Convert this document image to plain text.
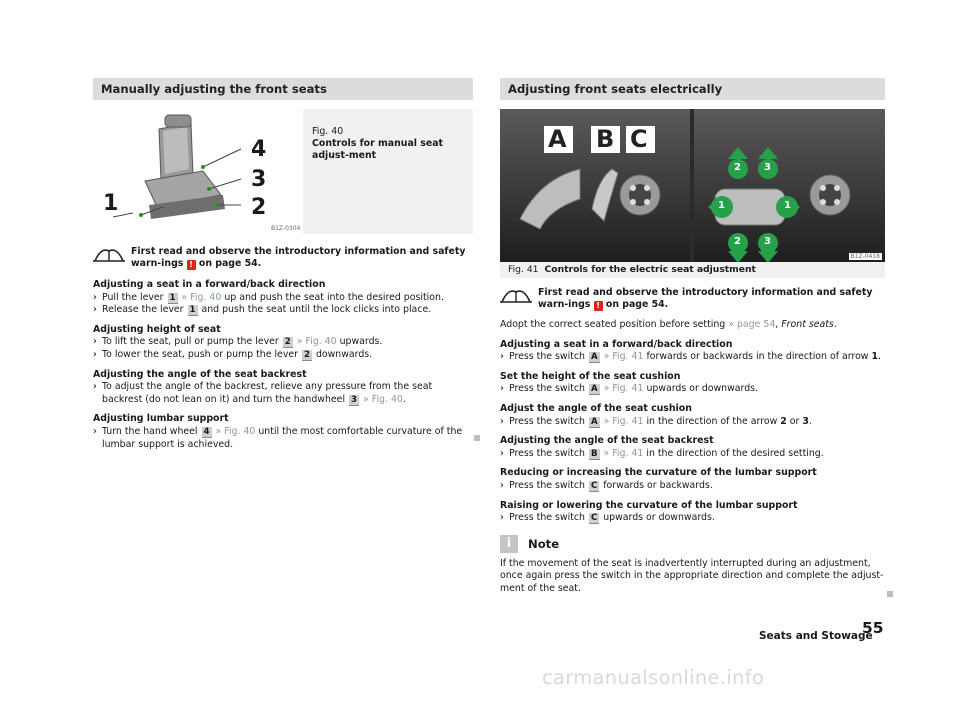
Manually adjusting the front seats
1	2
3
4
B1Z-0304
Fig. 40
Controls for manual seat adjust-ment
First read and observe the introductory information and safety warn-ings ! on page 54.
Adjusting a seat in a forward/back direction
› Pull the lever 1 » Fig. 40 up and push the seat into the desired position.
› Release the lever 1 and push the seat until the lock clicks into place.
Adjusting height of seat
› To lift the seat, pull or pump the lever 2 » Fig. 40 upwards.
› To lower the seat, push or pump the lever 2 downwards.
Adjusting the angle of the seat backrest
› To adjust the angle of the backrest, relieve any pressure from the seat backrest (do not lean on it) and turn the handwheel 3 » Fig. 40.
Adjusting lumbar support
› Turn the hand wheel 4 » Fig. 40 until the most comfortable curvature of the lumbar support is achieved.
Adjusting front seats electrically
A B C
2 3
1	1
2 3
B1Z-0418
Fig. 41 Controls for the electric seat adjustment
First read and observe the introductory information and safety warn-ings ! on page 54.
Adopt the correct seated position before setting » page 54, Front seats.
Adjusting a seat in a forward/back direction
› Press the switch A » Fig. 41 forwards or backwards in the direction of arrow 1.
Set the height of the seat cushion
› Press the switch A » Fig. 41 upwards or downwards.
Adjust the angle of the seat cushion
› Press the switch A » Fig. 41 in the direction of the arrow 2 or 3.
Adjusting the angle of the seat backrest
› Press the switch B » Fig. 41 in the direction of the desired setting.
Reducing or increasing the curvature of the lumbar support
› Press the switch C forwards or backwards.
Raising or lowering the curvature of the lumbar support
› Press the switch C upwards or downwards.
i	Note
If the movement of the seat is inadvertently interrupted during an adjustment, once again press the switch in the appropriate direction and complete the adjust-ment of the seat.
Seats and Stowage
55
carmanualsonline.info
